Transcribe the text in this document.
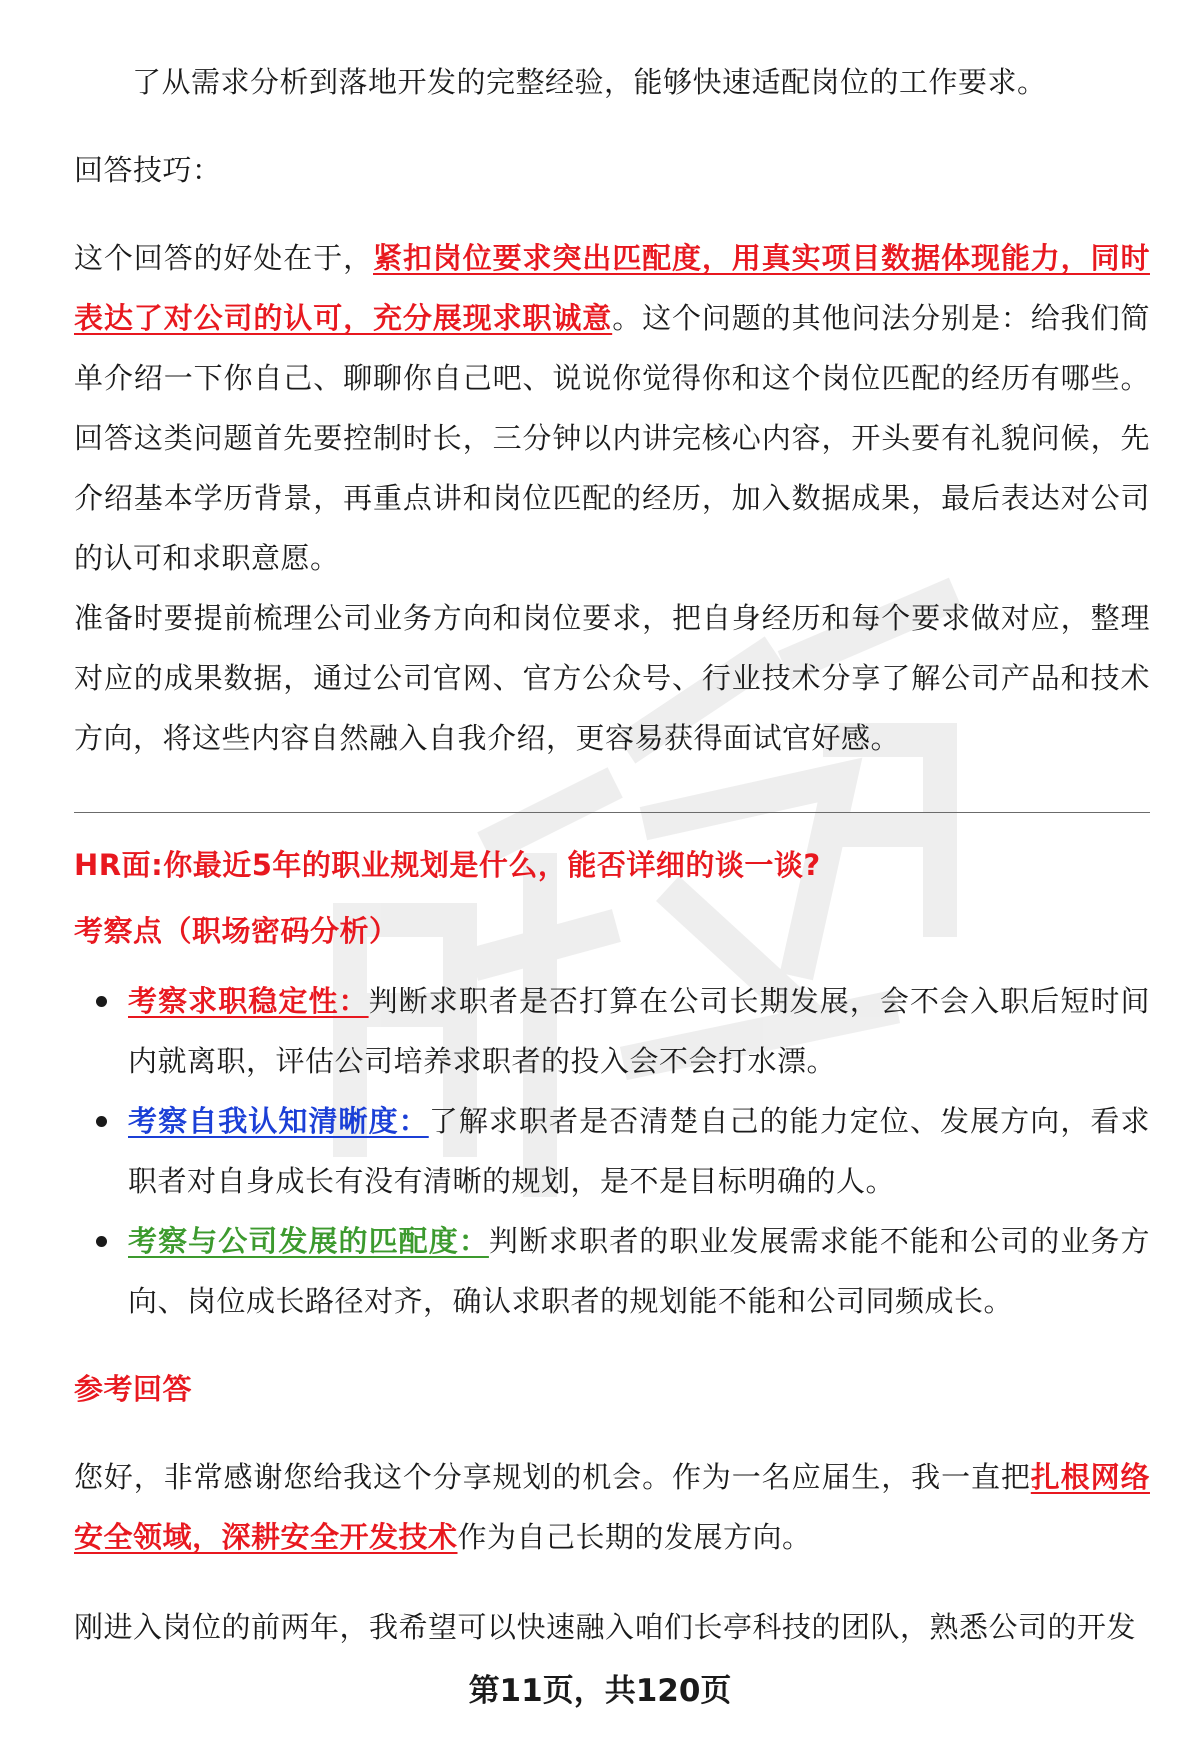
了从需求分析到落地开发的完整经验，能够快速适配岗位的工作要求。

回答技巧：

这个回答的好处在于，紧扣岗位要求突出匹配度，用真实项目数据体现能力，同时表达了对公司的认可，充分展现求职诚意。这个问题的其他问法分别是：给我们简单介绍一下你自己、聊聊你自己吧、说说你觉得你和这个岗位匹配的经历有哪些。回答这类问题首先要控制时长，三分钟以内讲完核心内容，开头要有礼貌问候，先介绍基本学历背景，再重点讲和岗位匹配的经历，加入数据成果，最后表达对公司的认可和求职意愿。

准备时要提前梳理公司业务方向和岗位要求，把自身经历和每个要求做对应，整理对应的成果数据，通过公司官网、官方公众号、行业技术分享了解公司产品和技术方向，将这些内容自然融入自我介绍，更容易获得面试官好感。

HR面:你最近5年的职业规划是什么，能否详细的谈一谈?

考察点（职场密码分析）

考察求职稳定性：判断求职者是否打算在公司长期发展，会不会入职后短时间内就离职，评估公司培养求职者的投入会不会打水漂。
考察自我认知清晰度：了解求职者是否清楚自己的能力定位、发展方向，看求职者对自身成长有没有清晰的规划，是不是目标明确的人。
考察与公司发展的匹配度：判断求职者的职业发展需求能不能和公司的业务方向、岗位成长路径对齐，确认求职者的规划能不能和公司同频成长。

参考回答

您好，非常感谢您给我这个分享规划的机会。作为一名应届生，我一直把扎根网络安全领域，深耕安全开发技术作为自己长期的发展方向。

刚进入岗位的前两年，我希望可以快速融入咱们长亭科技的团队，熟悉公司的开发

第11页，共120页
